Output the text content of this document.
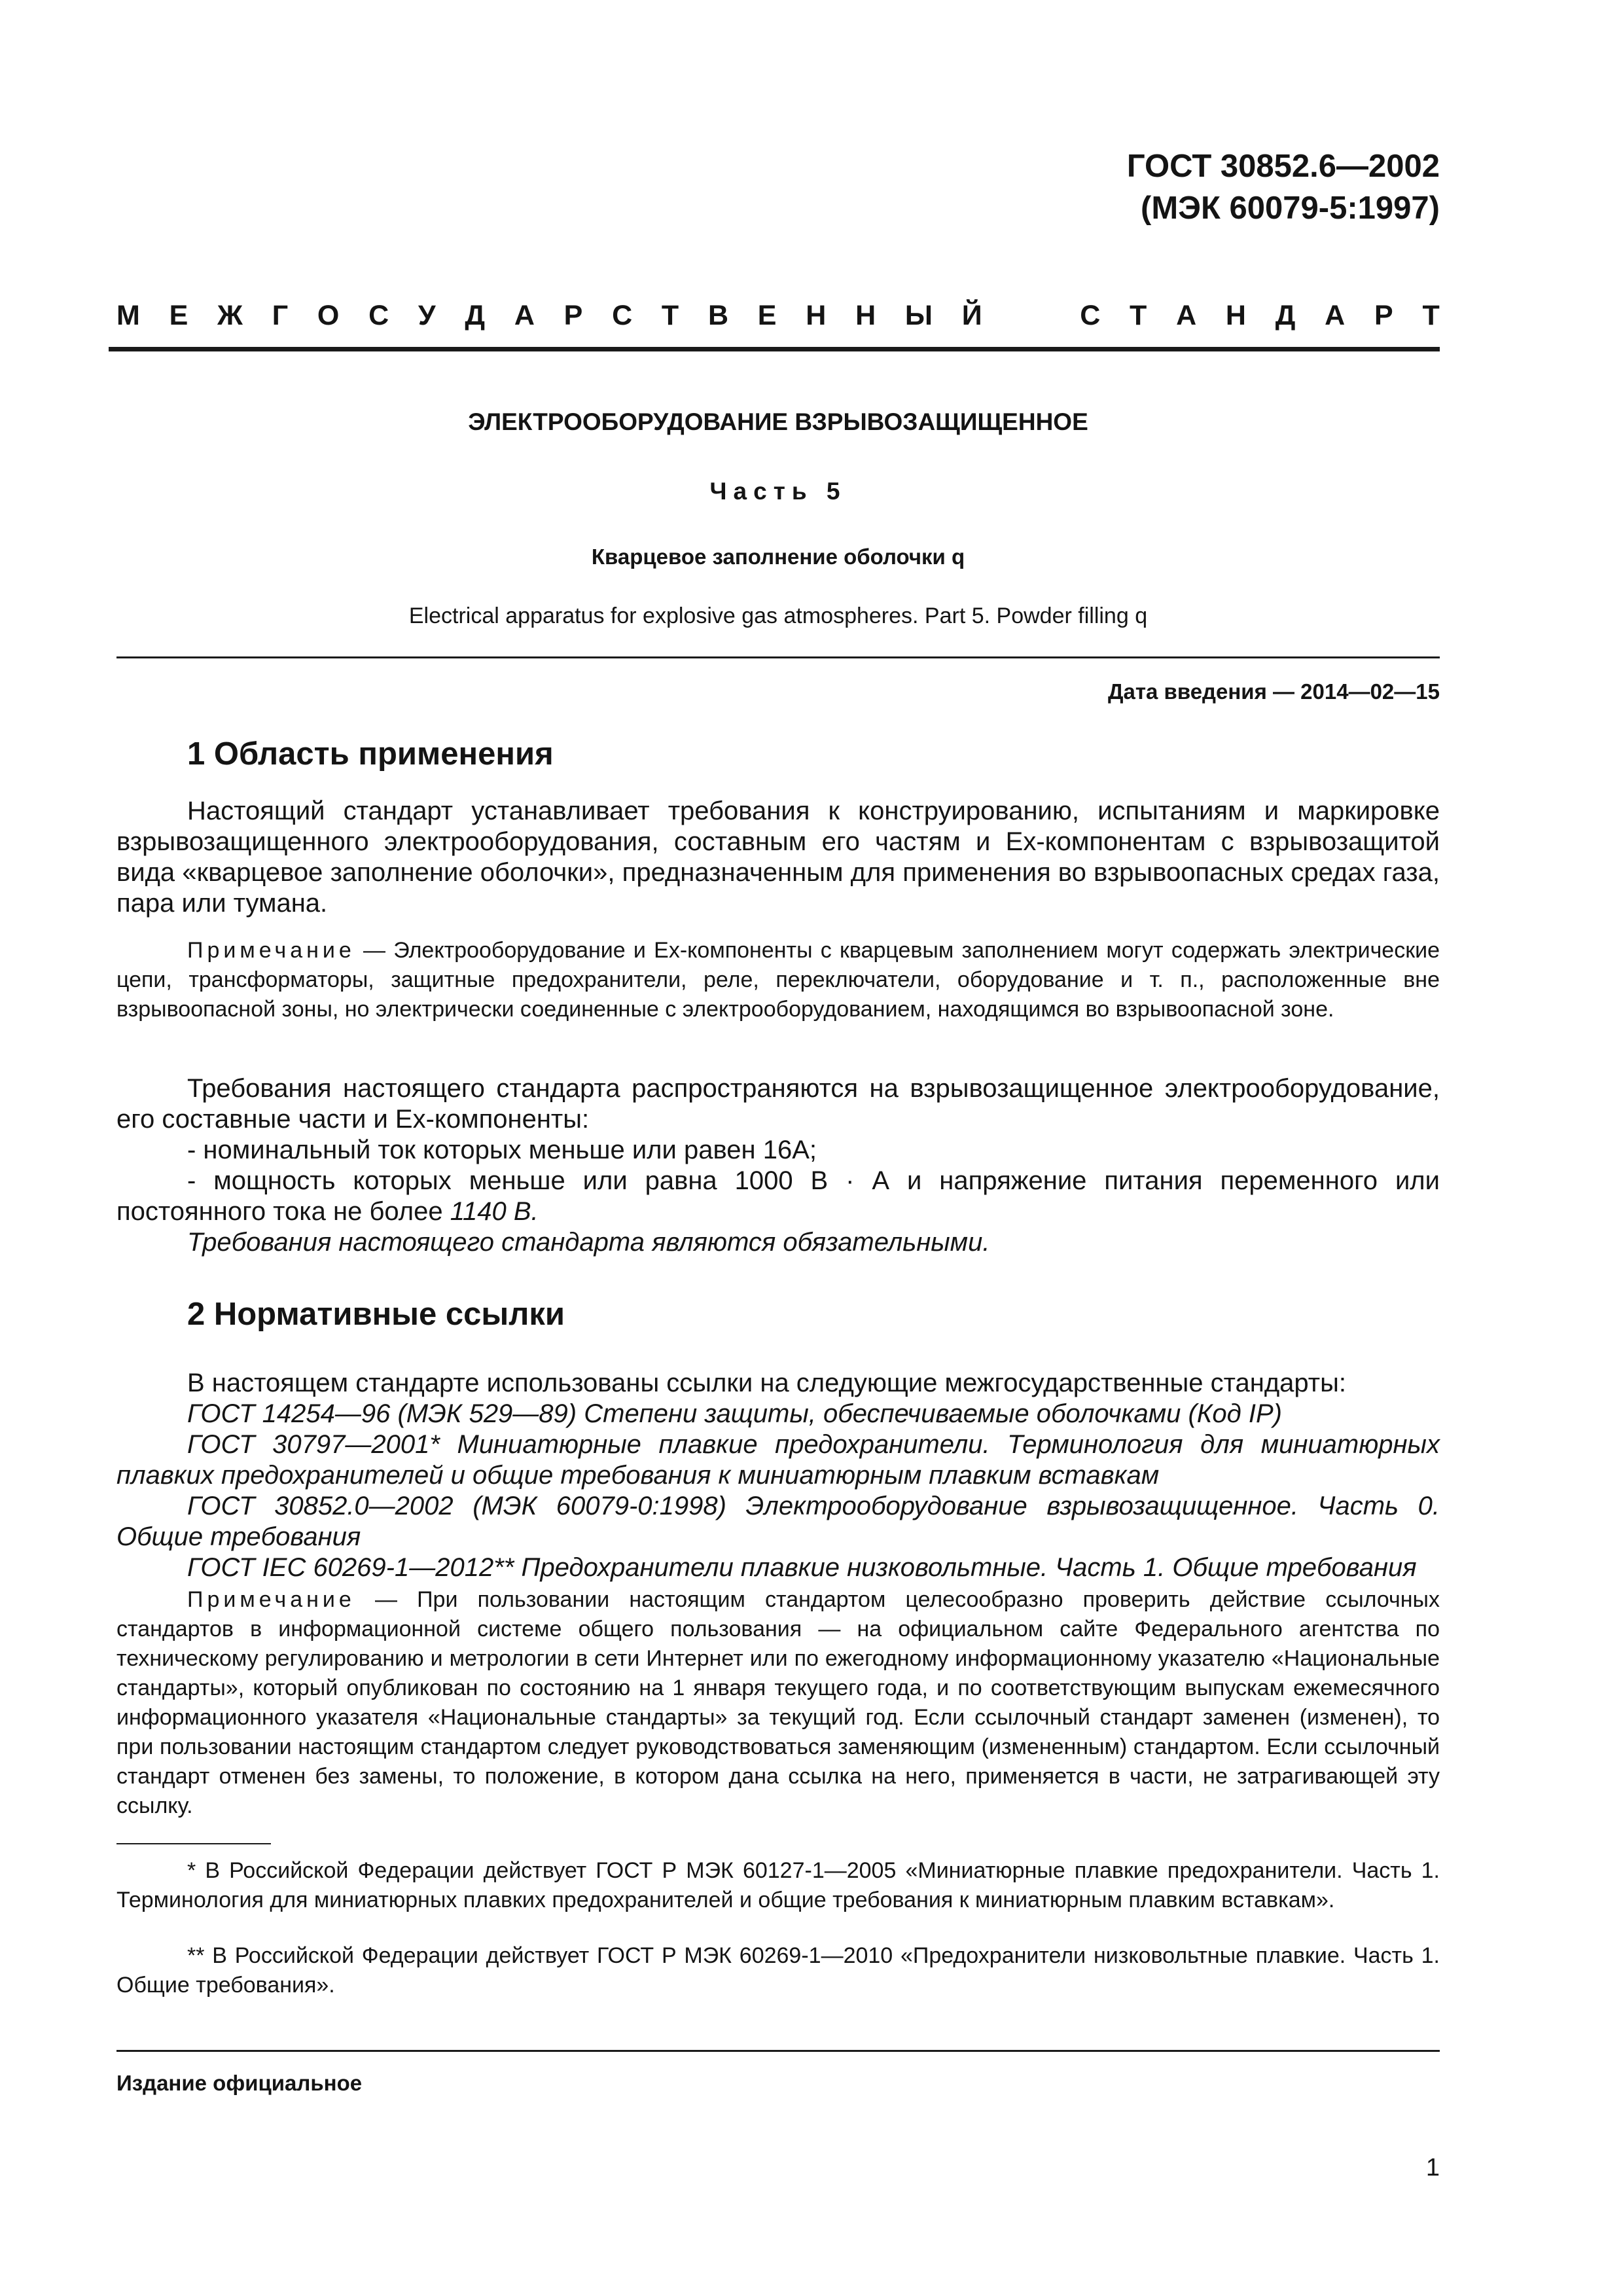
ГОСТ 30852.6—2002
(МЭК 60079-5:1997)
М Е Ж Г О С У Д А Р С Т В Е Н Н Ы Й	С Т А Н Д А Р Т
ЭЛЕКТРООБОРУДОВАНИЕ ВЗРЫВОЗАЩИЩЕННОЕ
Часть 5
Кварцевое заполнение оболочки q
Electrical apparatus for explosive gas atmospheres. Part 5. Powder filling q
Дата введения — 2014—02—15
1 Область применения

Настоящий стандарт устанавливает требования к конструированию, испытаниям и маркировке взрывозащищенного электрооборудования, составным его частям и Ех-компонентам с взрывозащитой вида «кварцевое заполнение оболочки», предназначенным для применения во взрывоопасных средах газа, пара или тумана.

Примечание — Электрооборудование и Ех-компоненты с кварцевым заполнением могут содержать электрические цепи, трансформаторы, защитные предохранители, реле, переключатели, оборудование и т. п., расположенные вне взрывоопасной зоны, но электрически соединенные с электрооборудованием, находящимся во взрывоопасной зоне.

Требования настоящего стандарта распространяются на взрывозащищенное электрооборудование, его составные части и Ех-компоненты:

- номинальный ток которых меньше или равен 16А;

- мощность которых меньше или равна 1000 В · А и напряжение питания переменного или постоянного тока не более 1140 В.

Требования настоящего стандарта являются обязательными.

2 Нормативные ссылки

В настоящем стандарте использованы ссылки на следующие межгосударственные стандарты:

ГОСТ 14254—96 (МЭК 529—89) Степени защиты, обеспечиваемые оболочками (Код IP)

ГОСТ 30797—2001* Миниатюрные плавкие предохранители. Терминология для миниатюрных плавких предохранителей и общие требования к миниатюрным плавким вставкам

ГОСТ 30852.0—2002 (МЭК 60079-0:1998) Электрооборудование взрывозащищенное. Часть 0. Общие требования

ГОСТ IEC 60269-1—2012** Предохранители плавкие низковольтные. Часть 1. Общие требования

Примечание — При пользовании настоящим стандартом целесообразно проверить действие ссылочных стандартов в информационной системе общего пользования — на официальном сайте Федерального агентства по техническому регулированию и метрологии в сети Интернет или по ежегодному информационному указателю «Национальные стандарты», который опубликован по состоянию на 1 января текущего года, и по соответствующим выпускам ежемесячного информационного указателя «Национальные стандарты» за текущий год. Если ссылочный стандарт заменен (изменен), то при пользовании настоящим стандартом следует руководствоваться заменяющим (измененным) стандартом. Если ссылочный стандарт отменен без замены, то положение, в котором дана ссылка на него, применяется в части, не затрагивающей эту ссылку.

* В Российской Федерации действует ГОСТ Р МЭК 60127-1—2005 «Миниатюрные плавкие предохранители. Часть 1. Терминология для миниатюрных плавких предохранителей и общие требования к миниатюрным плавким вставкам».

** В Российской Федерации действует ГОСТ Р МЭК 60269-1—2010 «Предохранители низковольтные плавкие. Часть 1. Общие требования».

Издание официальное
1
